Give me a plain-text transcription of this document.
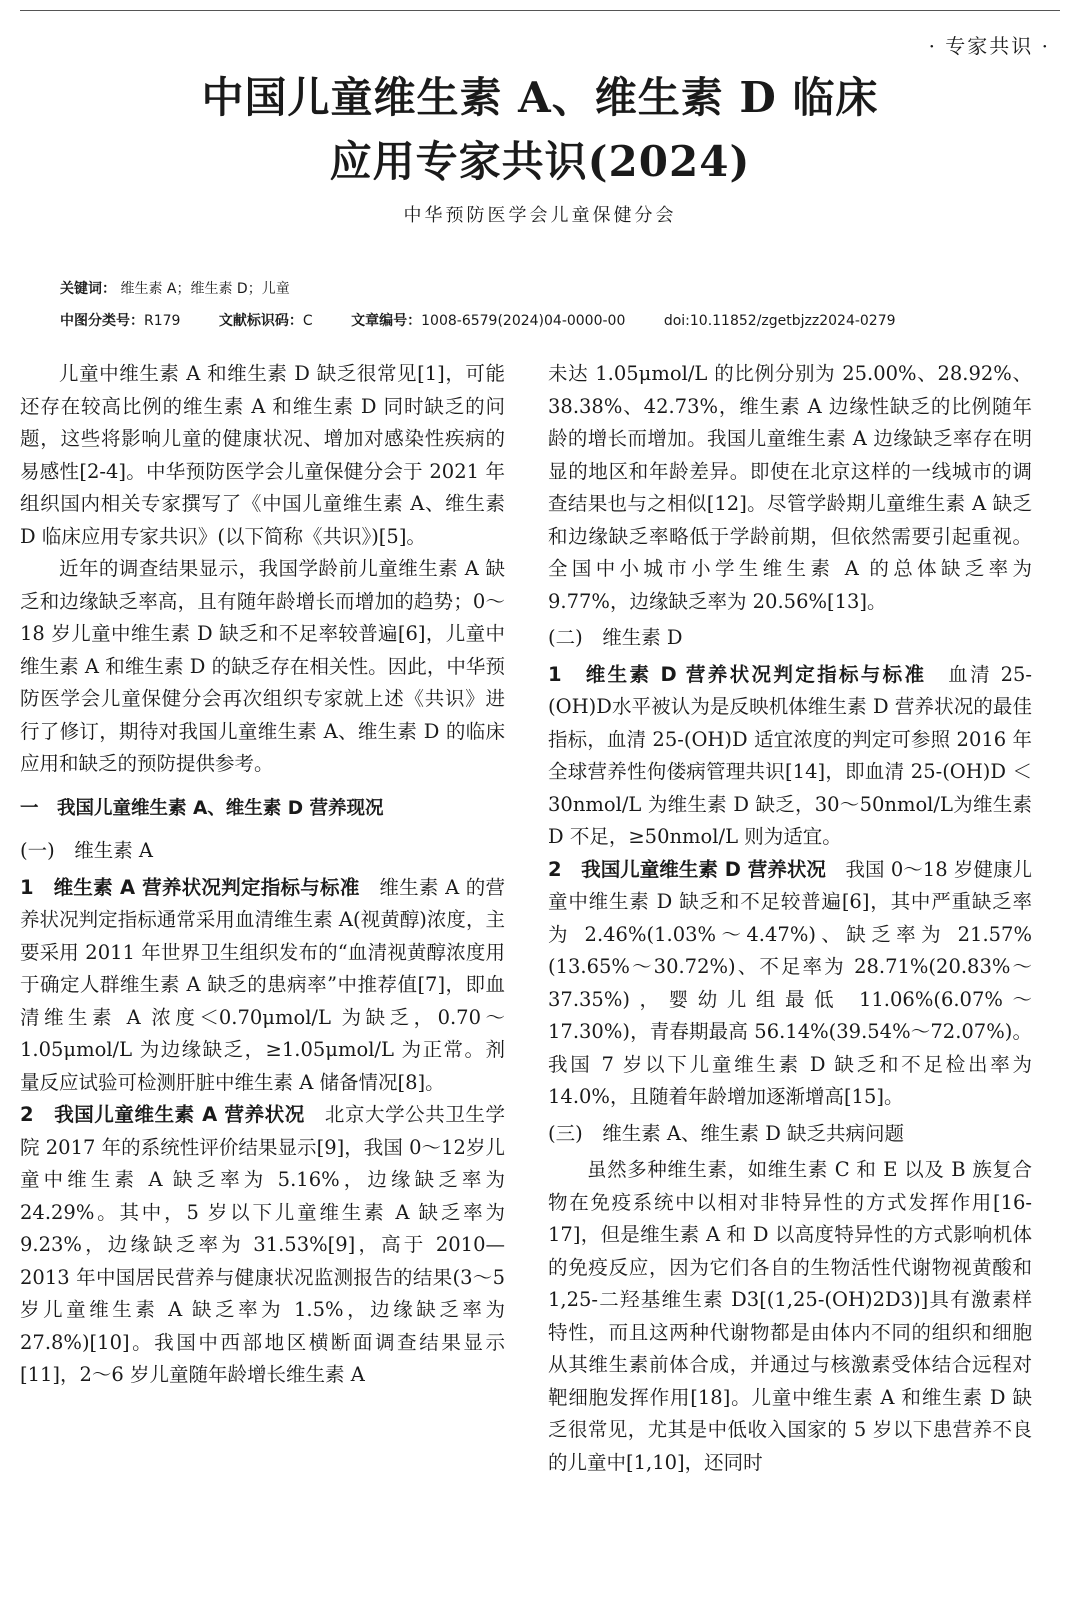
· 专家共识 ·
中国儿童维生素 A、维生素 D 临床
应用专家共识(2024)
中华预防医学会儿童保健分会
关键词： 维生素 A；维生素 D；儿童
中图分类号：R179	文献标识码：C	文章编号：1008-6579(2024)04-0000-00	doi:10.11852/zgetbjzz2024-0279

儿童中维生素 A 和维生素 D 缺乏很常见[1]，可能还存在较高比例的维生素 A 和维生素 D 同时缺乏的问题，这些将影响儿童的健康状况、增加对感染性疾病的易感性[2-4]。中华预防医学会儿童保健分会于 2021 年组织国内相关专家撰写了《中国儿童维生素 A、维生素 D 临床应用专家共识》(以下简称《共识》)[5]。

近年的调查结果显示，我国学龄前儿童维生素 A 缺乏和边缘缺乏率高，且有随年龄增长而增加的趋势；0～18 岁儿童中维生素 D 缺乏和不足率较普遍[6]，儿童中维生素 A 和维生素 D 的缺乏存在相关性。因此，中华预防医学会儿童保健分会再次组织专家就上述《共识》进行了修订，期待对我国儿童维生素 A、维生素 D 的临床应用和缺乏的预防提供参考。

一　我国儿童维生素 A、维生素 D 营养现况
(一)　维生素 A

1　维生素 A 营养状况判定指标与标准　 维生素 A 的营养状况判定指标通常采用血清维生素 A(视黄醇)浓度，主要采用 2011 年世界卫生组织发布的“血清视黄醇浓度用于确定人群维生素 A 缺乏的患病率”中推荐值[7]，即血清维生素 A 浓度＜0.70μmol/L 为缺乏，0.70～1.05μmol/L 为边缘缺乏，≥1.05μmol/L 为正常。剂量反应试验可检测肝脏中维生素 A 储备情况[8]。

2　我国儿童维生素 A 营养状况　 北京大学公共卫生学院 2017 年的系统性评价结果显示[9]，我国 0～12岁儿童中维生素 A 缺乏率为 5.16%，边缘缺乏率为 24.29%。其中，5 岁以下儿童维生素 A 缺乏率为 9.23%，边缘缺乏率为 31.53%[9]，高于 2010—2013 年中国居民营养与健康状况监测报告的结果(3～5 岁儿童维生素 A 缺乏率为 1.5%，边缘缺乏率为 27.8%)[10]。我国中西部地区横断面调查结果显示[11]，2～6 岁儿童随年龄增长维生素 A

未达 1.05μmol/L 的比例分别为 25.00%、28.92%、38.38%、42.73%，维生素 A 边缘性缺乏的比例随年龄的增长而增加。我国儿童维生素 A 边缘缺乏率存在明显的地区和年龄差异。即使在北京这样的一线城市的调查结果也与之相似[12]。尽管学龄期儿童维生素 A 缺乏和边缘缺乏率略低于学龄前期，但依然需要引起重视。全国中小城市小学生维生素 A 的总体缺乏率为 9.77%，边缘缺乏率为 20.56%[13]。

(二)　维生素 D

1　维生素 D 营养状况判定指标与标准　 血清 25-(OH)D水平被认为是反映机体维生素 D 营养状况的最佳指标，血清 25-(OH)D 适宜浓度的判定可参照 2016 年全球营养性佝偻病管理共识[14]，即血清 25-(OH)D ＜30nmol/L 为维生素 D 缺乏，30～50nmol/L为维生素 D 不足，≥50nmol/L 则为适宜。

2　我国儿童维生素 D 营养状况　 我国 0～18 岁健康儿童中维生素 D 缺乏和不足较普遍[6]，其中严重缺乏率为 2.46%(1.03%～4.47%)、缺乏率为 21.57%(13.65%～30.72%)、不足率为 28.71%(20.83%～37.35%)，婴幼儿组最低 11.06%(6.07%～17.30%)，青春期最高 56.14%(39.54%～72.07%)。我国 7 岁以下儿童维生素 D 缺乏和不足检出率为 14.0%，且随着年龄增加逐渐增高[15]。

(三)　维生素 A、维生素 D 缺乏共病问题

虽然多种维生素，如维生素 C 和 E 以及 B 族复合物在免疫系统中以相对非特异性的方式发挥作用[16-17]，但是维生素 A 和 D 以高度特异性的方式影响机体的免疫反应，因为它们各自的生物活性代谢物视黄酸和 1,25-二羟基维生素 D3[(1,25-(OH)2D3)]具有激素样特性，而且这两种代谢物都是由体内不同的组织和细胞从其维生素前体合成，并通过与核激素受体结合远程对靶细胞发挥作用[18]。儿童中维生素 A 和维生素 D 缺乏很常见，尤其是中低收入国家的 5 岁以下患营养不良的儿童中[1,10]，还同时
